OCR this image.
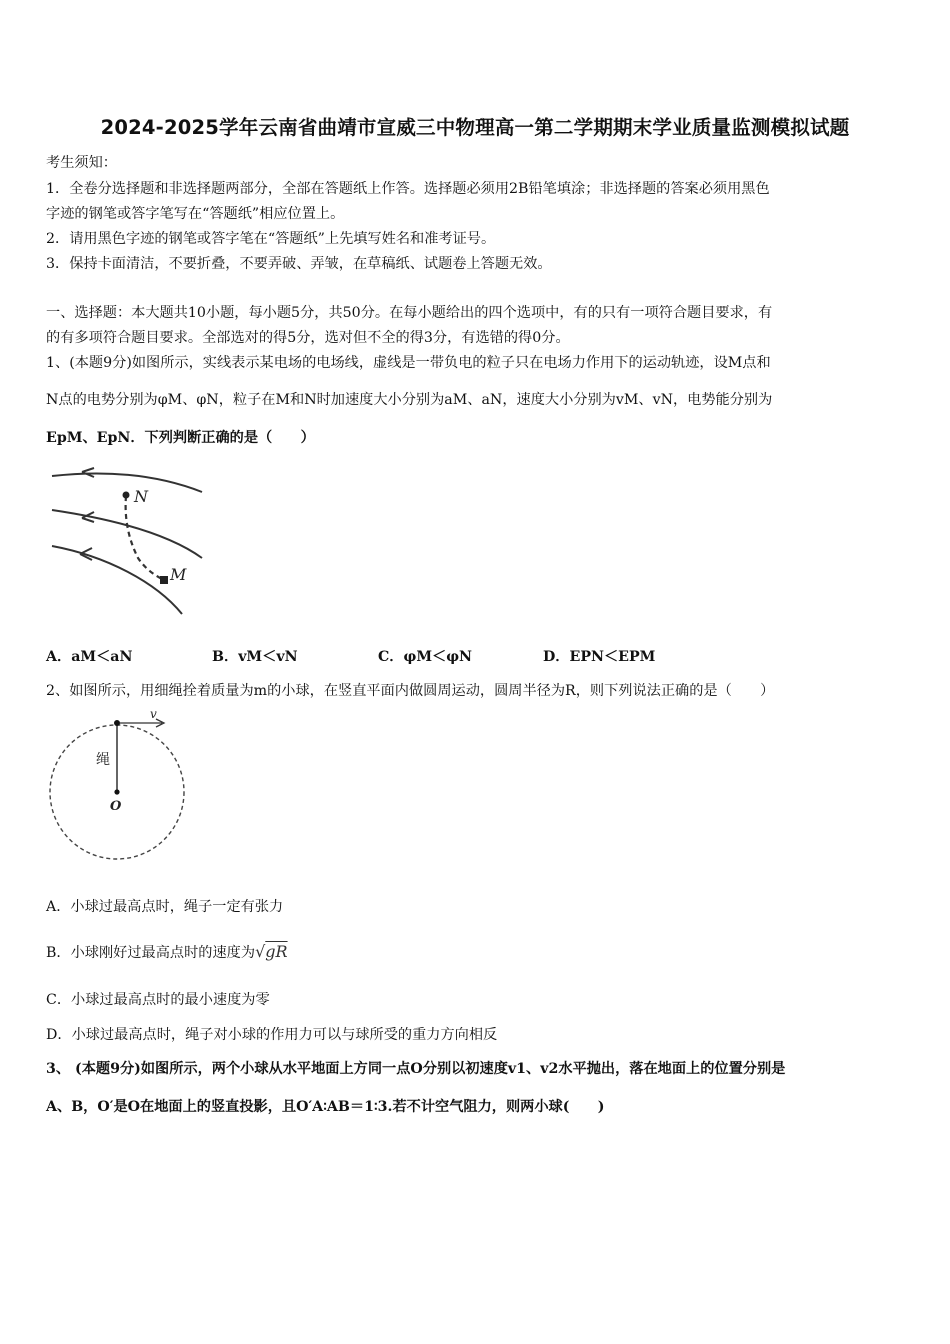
2024-2025学年云南省曲靖市宣威三中物理高一第二学期期末学业质量监测模拟试题
考生须知：
1．全卷分选择题和非选择题两部分，全部在答题纸上作答。选择题必须用2B铅笔填涂；非选择题的答案必须用黑色
字迹的钢笔或答字笔写在“答题纸”相应位置上。
2．请用黑色字迹的钢笔或答字笔在“答题纸”上先填写姓名和准考证号。
3．保持卡面清洁，不要折叠，不要弄破、弄皱，在草稿纸、试题卷上答题无效。
一、选择题：本大题共10小题，每小题5分，共50分。在每小题给出的四个选项中，有的只有一项符合题目要求，有
的有多项符合题目要求。全部选对的得5分，选对但不全的得3分，有选错的得0分。
1、(本题9分)如图所示，实线表示某电场的电场线，虚线是一带负电的粒子只在电场力作用下的运动轨迹，设M点和
N点的电势分别为φM、φN，粒子在M和N时加速度大小分别为aM、aN，速度大小分别为vM、vN，电势能分别为
EpM、EpN．下列判断正确的是（　　）
N
M
A．aM＜aN	B．vM＜vN	C．φM＜φN	D．EPN＜EPM
2、如图所示，用细绳拴着质量为m的小球，在竖直平面内做圆周运动，圆周半径为R，则下列说法正确的是（　　）
v
绳
O
A．小球过最高点时，绳子一定有张力
B．小球刚好过最高点时的速度为√gR
C．小球过最高点时的最小速度为零
D．小球过最高点时，绳子对小球的作用力可以与球所受的重力方向相反
3、 (本题9分)如图所示，两个小球从水平地面上方同一点O分别以初速度v1、v2水平抛出，落在地面上的位置分别是
A、B，O′是O在地面上的竖直投影，且O′A∶AB＝1∶3.若不计空气阻力，则两小球(　　)
